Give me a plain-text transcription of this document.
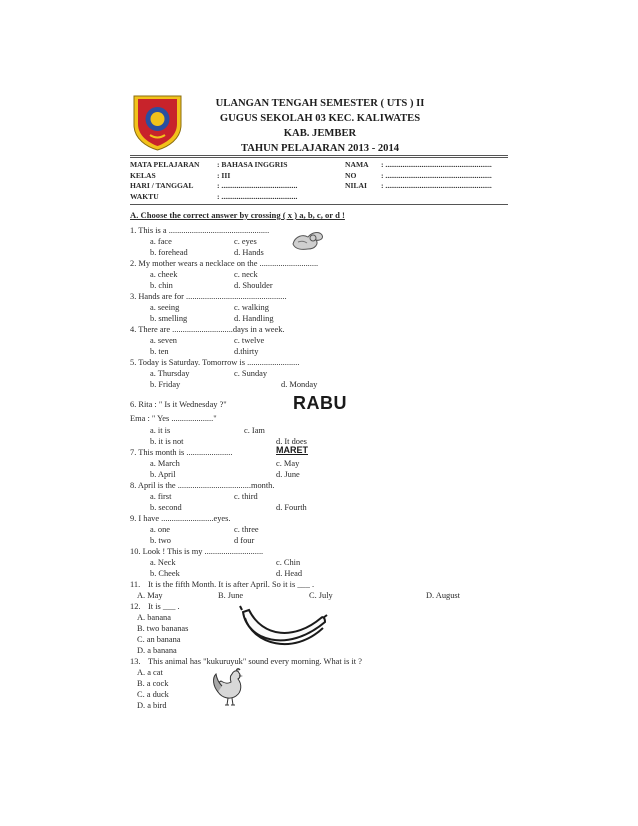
ULANGAN TENGAH SEMESTER ( UTS ) II
GUGUS SEKOLAH 03 KEC. KALIWATES
KAB. JEMBER
TAHUN PELAJARAN 2013 - 2014
MATA PELAJARAN	: BAHASA INGGRIS
KELAS	: III
HARI / TANGGAL	: ........................................
WAKTU	: ........................................
NAMA	: ........................................................
NO	: ........................................................
NILAI	: ........................................................
A. Choose the correct answer by crossing ( x ) a, b, c, or d !
1. This is a ................................................
a. face	c. eyes
b. forehead	d. Hands
2. My mother wears a necklace on the ............................
a. cheek	c. neck
b. chin	d. Shoulder
3. Hands are for ................................................
a. seeing	c. walking
b. smelling	d. Handling
4. There are .............................days in a week.
a. seven	c. twelve
b. ten	d.thirty
5. Today is Saturday. Tomorrow is .........................
a. Thursday	c. Sunday
b. Friday	d. Monday
6. Rita : " Is it Wednesday ?"	RABU
Ema : " Yes ...................."
a. it is	c. Iam
b. it is not	d. It does
7. This month is ......................	MARET
a. March	c. May
b. April	d. June
8. April is the ...................................month.
a. first	c. third
b. second	d. Fourth
9. I have .........................eyes.
a. one	c. three
b. two	d four
10. Look ! This is my ............................
a. Neck	c. Chin
b. Cheek	d. Head
11. It is the fifth Month. It is after April. So it is ___ .
A. May	B. June	C. July	D. August
12. It is ___ .
A. banana
B. two bananas
C. an banana
D. a banana
13. This animal has "kukuruyuk" sound every morning. What is it ?
A. a cat
B. a cock
C. a duck
D. a bird
